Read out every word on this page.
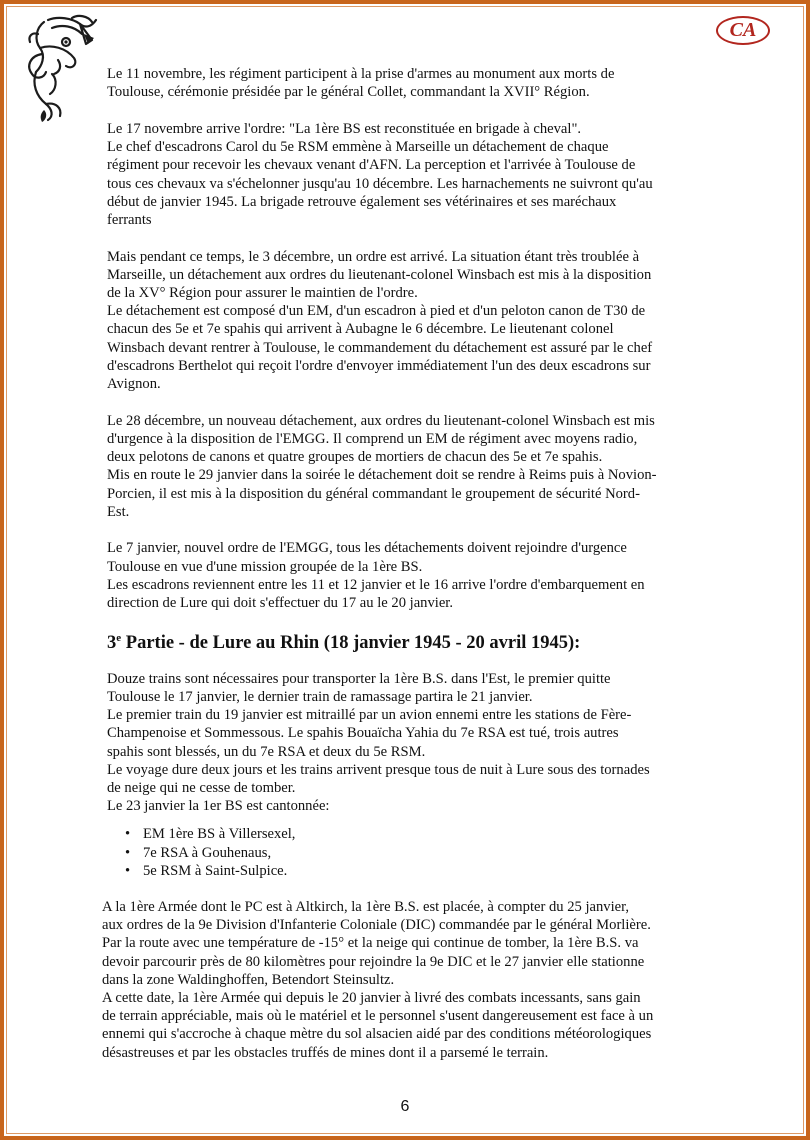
CA

Le 11 novembre, les régiment participent à la prise d'armes au monument aux morts de
Toulouse, cérémonie présidée par le général Collet, commandant la XVII° Région.

Le 17 novembre arrive l'ordre: "La 1ère BS est reconstituée en brigade à cheval".
Le chef d'escadrons Carol du 5e RSM emmène à Marseille un détachement de chaque
régiment pour recevoir les chevaux venant d'AFN. La perception et l'arrivée à Toulouse de
tous ces chevaux va s'échelonner jusqu'au 10 décembre. Les harnachements ne suivront qu'au
début de janvier 1945. La brigade retrouve également ses vétérinaires et ses maréchaux
ferrants

Mais pendant ce temps, le 3 décembre, un ordre est arrivé. La situation étant très troublée à
Marseille, un détachement aux ordres du lieutenant-colonel Winsbach est mis à la disposition
de la XV° Région pour assurer le maintien de l'ordre.
Le détachement est composé d'un EM, d'un escadron à pied et d'un peloton canon de T30 de
chacun des 5e et 7e spahis qui arrivent à Aubagne le 6 décembre. Le lieutenant colonel
Winsbach devant rentrer à Toulouse, le commandement du détachement est assuré par le chef
d'escadrons Berthelot qui reçoit l'ordre d'envoyer immédiatement l'un des deux escadrons sur
Avignon.

Le 28 décembre, un nouveau détachement, aux ordres du lieutenant-colonel Winsbach est mis
d'urgence à la disposition de l'EMGG. Il comprend un EM de régiment avec moyens radio,
deux pelotons de canons et quatre groupes de mortiers de chacun des 5e et 7e spahis.
Mis en route le 29 janvier dans la soirée le détachement doit se rendre à Reims puis à Novion-
Porcien, il est mis à la disposition du général commandant le groupement de sécurité Nord-
Est.

Le 7 janvier, nouvel ordre de l'EMGG, tous les détachements doivent rejoindre d'urgence
Toulouse en vue d'une mission groupée de la 1ère BS.
Les escadrons reviennent entre les 11 et 12 janvier et le 16 arrive l'ordre d'embarquement en
direction de Lure qui doit s'effectuer du 17 au le 20 janvier.

3e Partie - de Lure au Rhin (18 janvier 1945 - 20 avril 1945):

Douze trains sont nécessaires pour transporter la 1ère B.S. dans l'Est, le premier quitte
Toulouse le 17 janvier, le dernier train de ramassage partira le 21 janvier.
Le premier train du 19 janvier est mitraillé par un avion ennemi entre les stations de Fère-
Champenoise et Sommessous. Le spahis Bouaïcha Yahia du 7e RSA est tué, trois autres
spahis sont blessés, un du 7e RSA et deux du 5e RSM.
Le voyage dure deux jours et les trains arrivent presque tous de nuit à Lure sous des tornades
de neige qui ne cesse de tomber.
Le 23 janvier la 1er BS est cantonnée:

• EM 1ère BS à Villersexel,
• 7e RSA à Gouhenaus,
• 5e RSM à Saint-Sulpice.

A la 1ère Armée dont le PC est à Altkirch, la 1ère B.S. est placée, à compter du 25 janvier,
aux ordres de la 9e Division d'Infanterie Coloniale (DIC) commandée par le général Morlière.
Par la route avec une température de -15° et la neige qui continue de tomber, la 1ère B.S. va
devoir parcourir près de 80 kilomètres pour rejoindre la 9e DIC et le 27 janvier elle stationne
dans la zone Waldinghoffen, Betendort Steinsultz.
A cette date, la 1ère Armée qui depuis le 20 janvier à livré des combats incessants, sans gain
de terrain appréciable, mais où le matériel et le personnel s'usent dangereusement est face à un
ennemi qui s'accroche à chaque mètre du sol alsacien aidé par des conditions météorologiques
désastreuses et par les obstacles truffés de mines dont il a parsemé le terrain.

6
